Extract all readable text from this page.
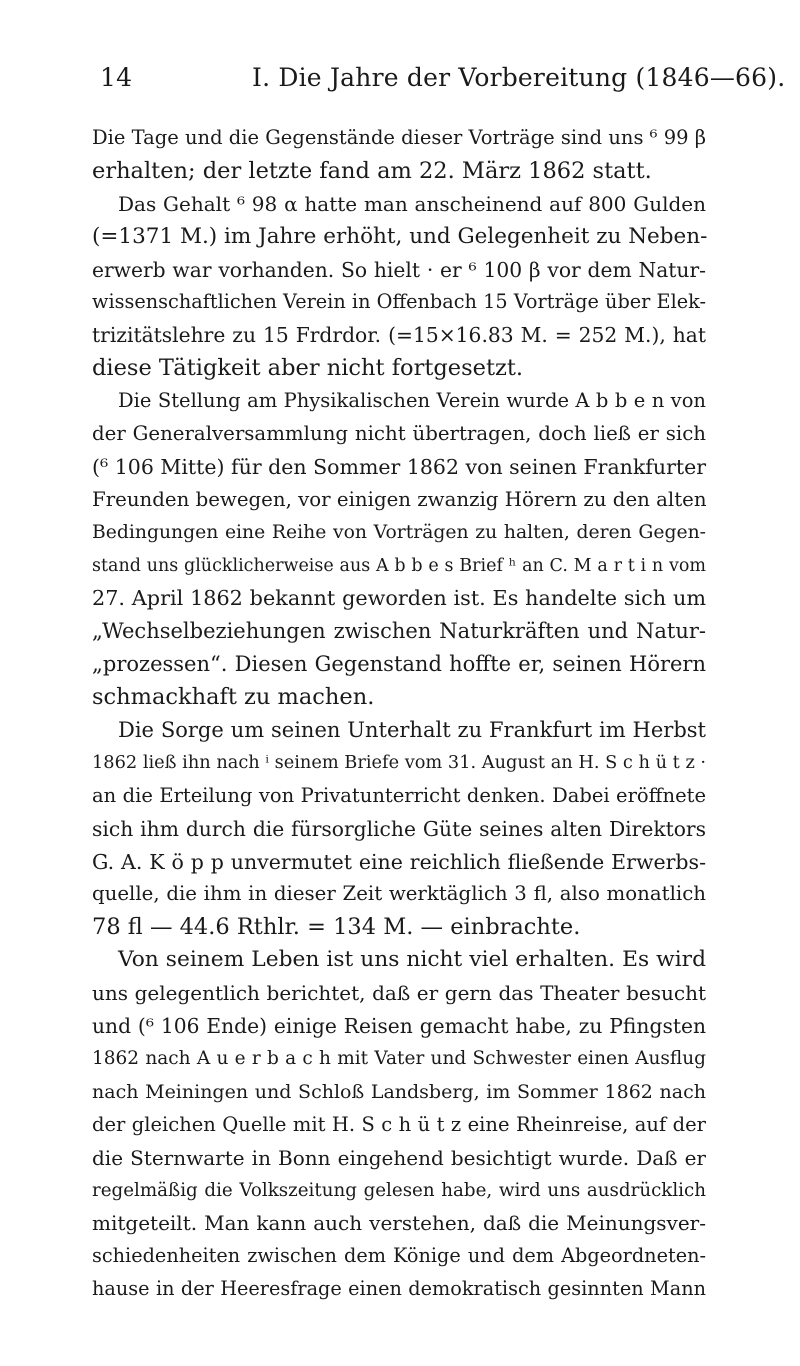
14	I. Die Jahre der Vorbereitung (1846—66).
Die Tage und die Gegenstände dieser Vorträge sind uns ⁶ 99 β
erhalten; der letzte fand am 22. März 1862 statt.
Das Gehalt ⁶ 98 α hatte man anscheinend auf 800 Gulden
(=1371 M.) im Jahre erhöht, und Gelegenheit zu Neben-
erwerb war vorhanden. So hielt · er ⁶ 100 β vor dem Natur-
wissenschaftlichen Verein in Offenbach 15 Vorträge über Elek-
trizitätslehre zu 15 Frdrdor. (=15×16.83 M. = 252 M.), hat
diese Tätigkeit aber nicht fortgesetzt.
Die Stellung am Physikalischen Verein wurde A b b e n von
der Generalversammlung nicht übertragen, doch ließ er sich
(⁶ 106 Mitte) für den Sommer 1862 von seinen Frankfurter
Freunden bewegen, vor einigen zwanzig Hörern zu den alten
Bedingungen eine Reihe von Vorträgen zu halten, deren Gegen-
stand uns glücklicherweise aus A b b e s Brief ʰ an C. M a r t i n vom
27. April 1862 bekannt geworden ist. Es handelte sich um
„Wechselbeziehungen zwischen Naturkräften und Natur-
„prozessen“. Diesen Gegenstand hoffte er, seinen Hörern
schmackhaft zu machen.
Die Sorge um seinen Unterhalt zu Frankfurt im Herbst
1862 ließ ihn nach ⁱ seinem Briefe vom 31. August an H. S c h ü t z ·
an die Erteilung von Privatunterricht denken. Dabei eröffnete
sich ihm durch die fürsorgliche Güte seines alten Direktors
G. A. K ö p p unvermutet eine reichlich fließende Erwerbs-
quelle, die ihm in dieser Zeit werktäglich 3 fl, also monatlich
78 fl — 44.6 Rthlr. = 134 M. — einbrachte.
Von seinem Leben ist uns nicht viel erhalten. Es wird
uns gelegentlich berichtet, daß er gern das Theater besucht
und (⁶ 106 Ende) einige Reisen gemacht habe, zu Pfingsten
1862 nach A u e r b a c h mit Vater und Schwester einen Ausflug
nach Meiningen und Schloß Landsberg, im Sommer 1862 nach
der gleichen Quelle mit H. S c h ü t z eine Rheinreise, auf der
die Sternwarte in Bonn eingehend besichtigt wurde. Daß er
regelmäßig die Volkszeitung gelesen habe, wird uns ausdrücklich
mitgeteilt. Man kann auch verstehen, daß die Meinungsver-
schiedenheiten zwischen dem Könige und dem Abgeordneten-
hause in der Heeresfrage einen demokratisch gesinnten Mann
